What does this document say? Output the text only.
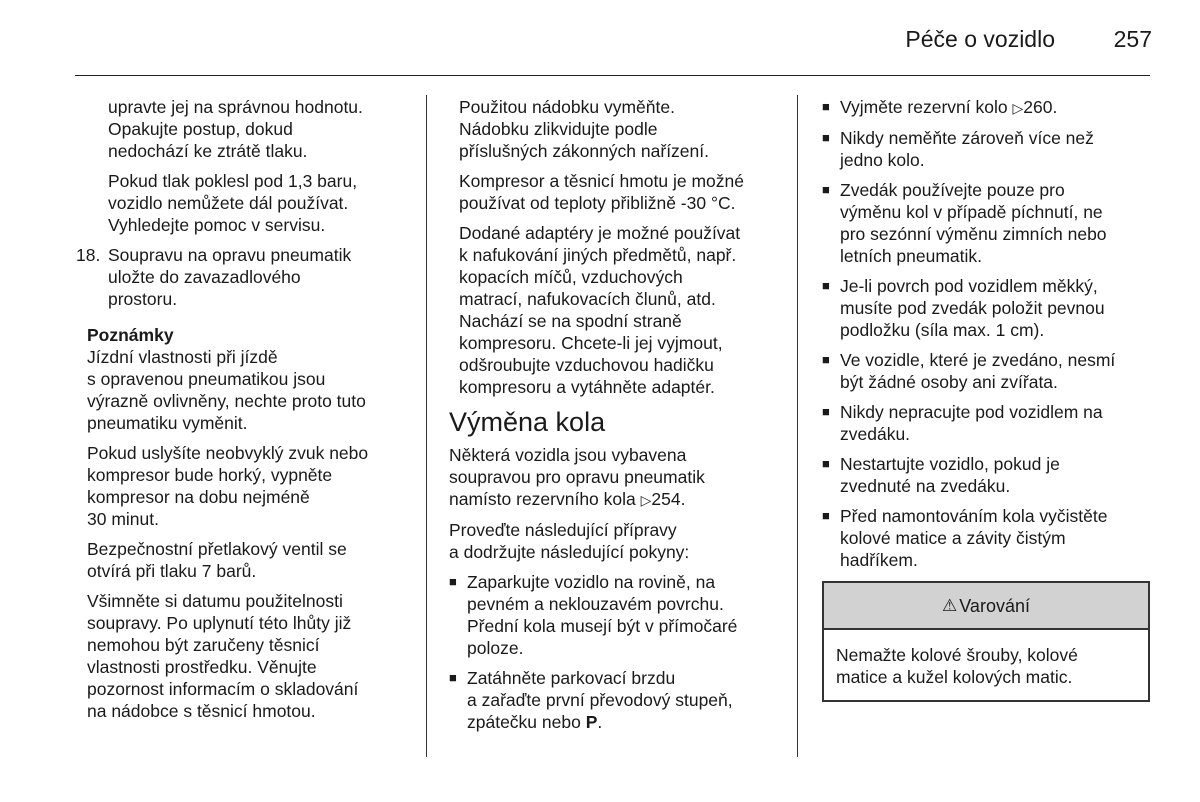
Péče o vozidlo	257
upravte jej na správnou hodnotu.
Opakujte postup, dokud
nedochází ke ztrátě tlaku.
Pokud tlak poklesl pod 1,3 baru,
vozidlo nemůžete dál používat.
Vyhledejte pomoc v servisu.
18. Soupravu na opravu pneumatik
uložte do zavazadlového
prostoru.
Poznámky
Jízdní vlastnosti při jízdě
s opravenou pneumatikou jsou
výrazně ovlivněny, nechte proto tuto
pneumatiku vyměnit.
Pokud uslyšíte neobvyklý zvuk nebo
kompresor bude horký, vypněte
kompresor na dobu nejméně
30 minut.
Bezpečnostní přetlakový ventil se
otvírá při tlaku 7 barů.
Všimněte si datumu použitelnosti
soupravy. Po uplynutí této lhůty již
nemohou být zaručeny těsnicí
vlastnosti prostředku. Věnujte
pozornost informacím o skladování
na nádobce s těsnicí hmotou.
Použitou nádobku vyměňte.
Nádobku zlikvidujte podle
příslušných zákonných nařízení.
Kompresor a těsnicí hmotu je možné
používat od teploty přibližně -30 °C.
Dodané adaptéry je možné používat
k nafukování jiných předmětů, např.
kopacích míčů, vzduchových
matrací, nafukovacích člunů, atd.
Nachází se na spodní straně
kompresoru. Chcete-li jej vyjmout,
odšroubujte vzduchovou hadičku
kompresoru a vytáhněte adaptér.
Výměna kola
Některá vozidla jsou vybavena
soupravou pro opravu pneumatik
namísto rezervního kola ▷254.
Proveďte následující přípravy
a dodržujte následující pokyny:
■ Zaparkujte vozidlo na rovině, na
pevném a neklouzavém povrchu.
Přední kola musejí být v přímočaré
poloze.
■ Zatáhněte parkovací brzdu
a zařaďte první převodový stupeň,
zpátečku nebo P.
■ Vyjměte rezervní kolo ▷260.
■ Nikdy neměňte zároveň více než
jedno kolo.
■ Zvedák používejte pouze pro
výměnu kol v případě píchnutí, ne
pro sezónní výměnu zimních nebo
letních pneumatik.
■ Je-li povrch pod vozidlem měkký,
musíte pod zvedák položit pevnou
podložku (síla max. 1 cm).
■ Ve vozidle, které je zvedáno, nesmí
být žádné osoby ani zvířata.
■ Nikdy nepracujte pod vozidlem na
zvedáku.
■ Nestartujte vozidlo, pokud je
zvednuté na zvedáku.
■ Před namontováním kola vyčistěte
kolové matice a závity čistým
hadříkem.
⚠ Varování
Nemažte kolové šrouby, kolové
matice a kužel kolových matic.
